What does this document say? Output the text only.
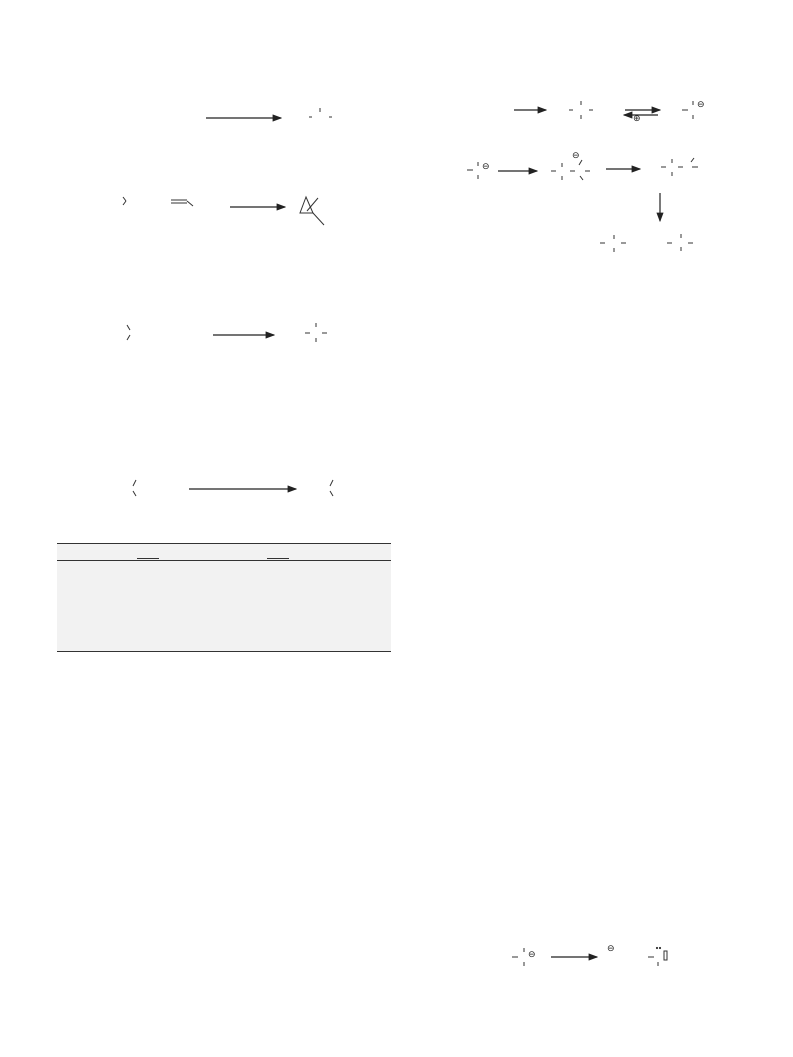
⊖
⊕
⊖
⊖
⊖
⊖
